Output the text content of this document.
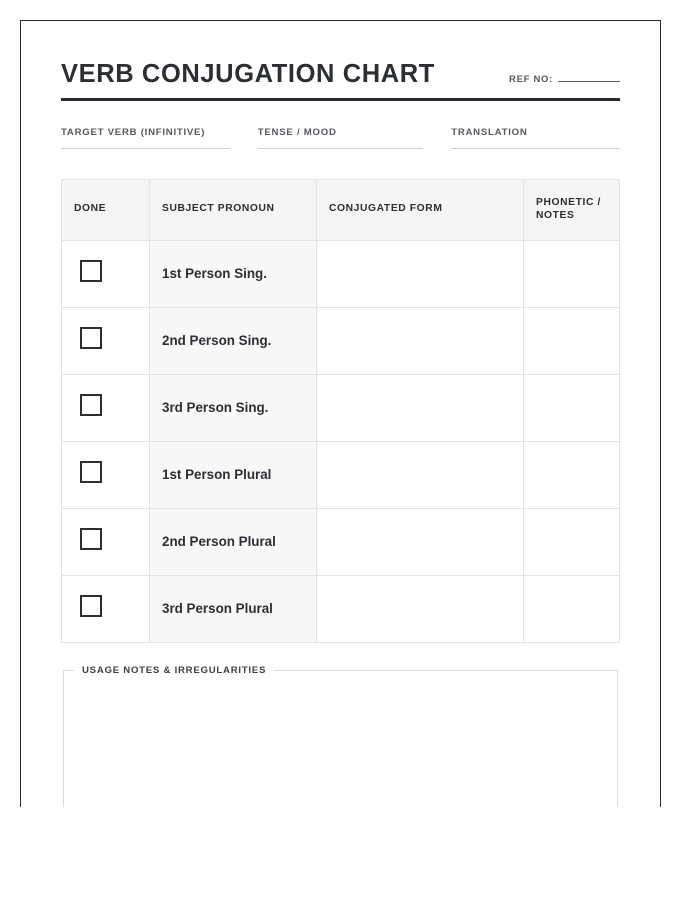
VERB CONJUGATION CHART	REF NO:
TARGET VERB (INFINITIVE)	TENSE / MOOD	TRANSLATION
DONE	SUBJECT PRONOUN	CONJUGATED FORM	PHONETIC / NOTES
	1st Person Sing.		
	2nd Person Sing.		
	3rd Person Sing.		
	1st Person Plural		
	2nd Person Plural		
	3rd Person Plural		
USAGE NOTES & IRREGULARITIES
